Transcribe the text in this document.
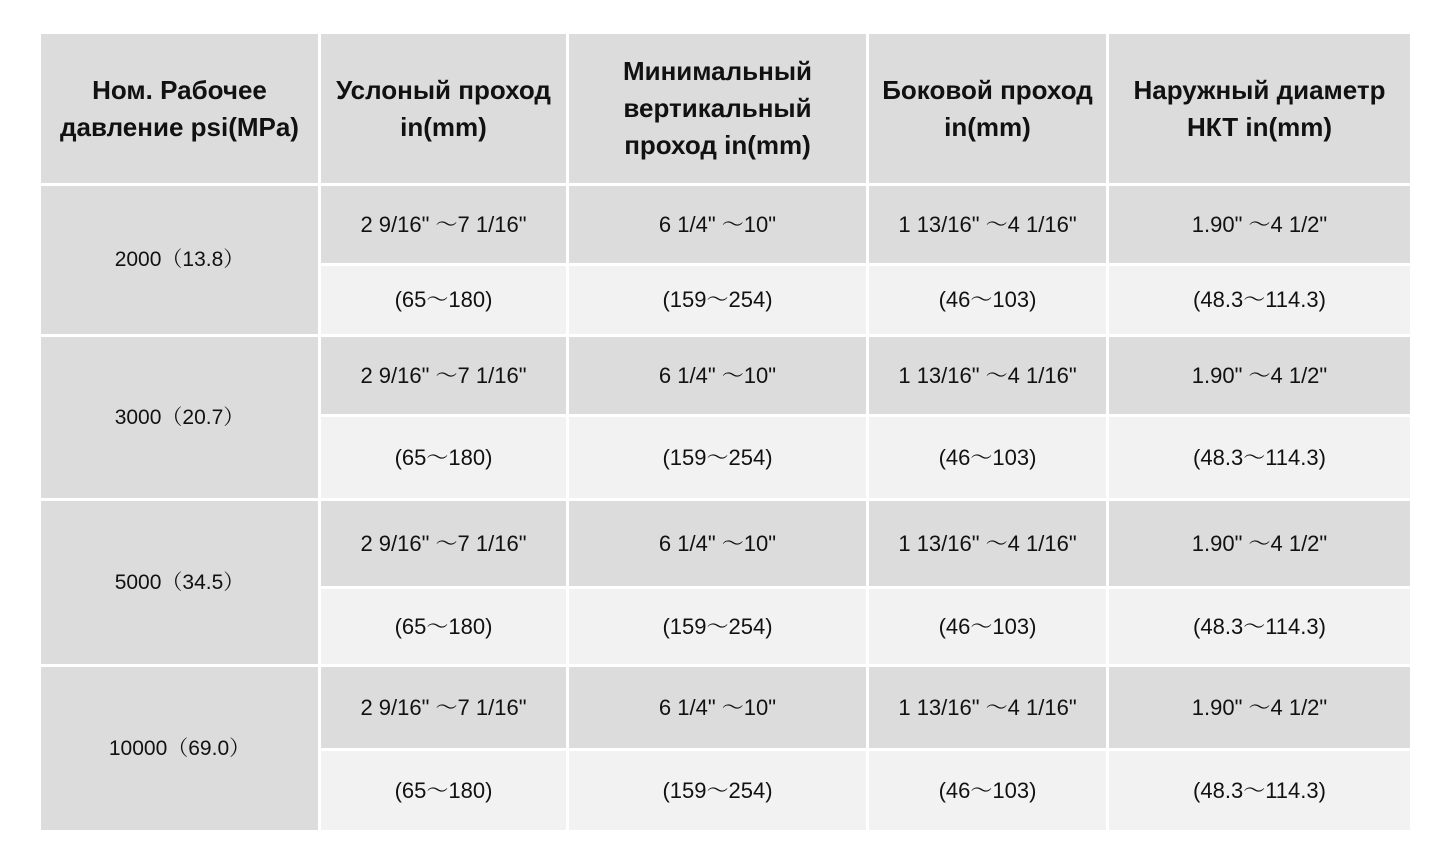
Ном. Рабочее давление psi(MPa)	Услоный проход in(mm)	Минимальный вертикальный проход in(mm)	Боковой проход in(mm)	Наружный диаметр НКТ in(mm)
2000（13.8）	2 9/16" ～7 1/16"	6 1/4" ～10"	1 13/16" ～4 1/16"	1.90" ～4 1/2"
	(65～180)	(159～254)	(46～103)	(48.3～114.3)
3000（20.7）	2 9/16" ～7 1/16"	6 1/4" ～10"	1 13/16" ～4 1/16"	1.90" ～4 1/2"
	(65～180)	(159～254)	(46～103)	(48.3～114.3)
5000（34.5）	2 9/16" ～7 1/16"	6 1/4" ～10"	1 13/16" ～4 1/16"	1.90" ～4 1/2"
	(65～180)	(159～254)	(46～103)	(48.3～114.3)
10000（69.0）	2 9/16" ～7 1/16"	6 1/4" ～10"	1 13/16" ～4 1/16"	1.90" ～4 1/2"
	(65～180)	(159～254)	(46～103)	(48.3～114.3)
